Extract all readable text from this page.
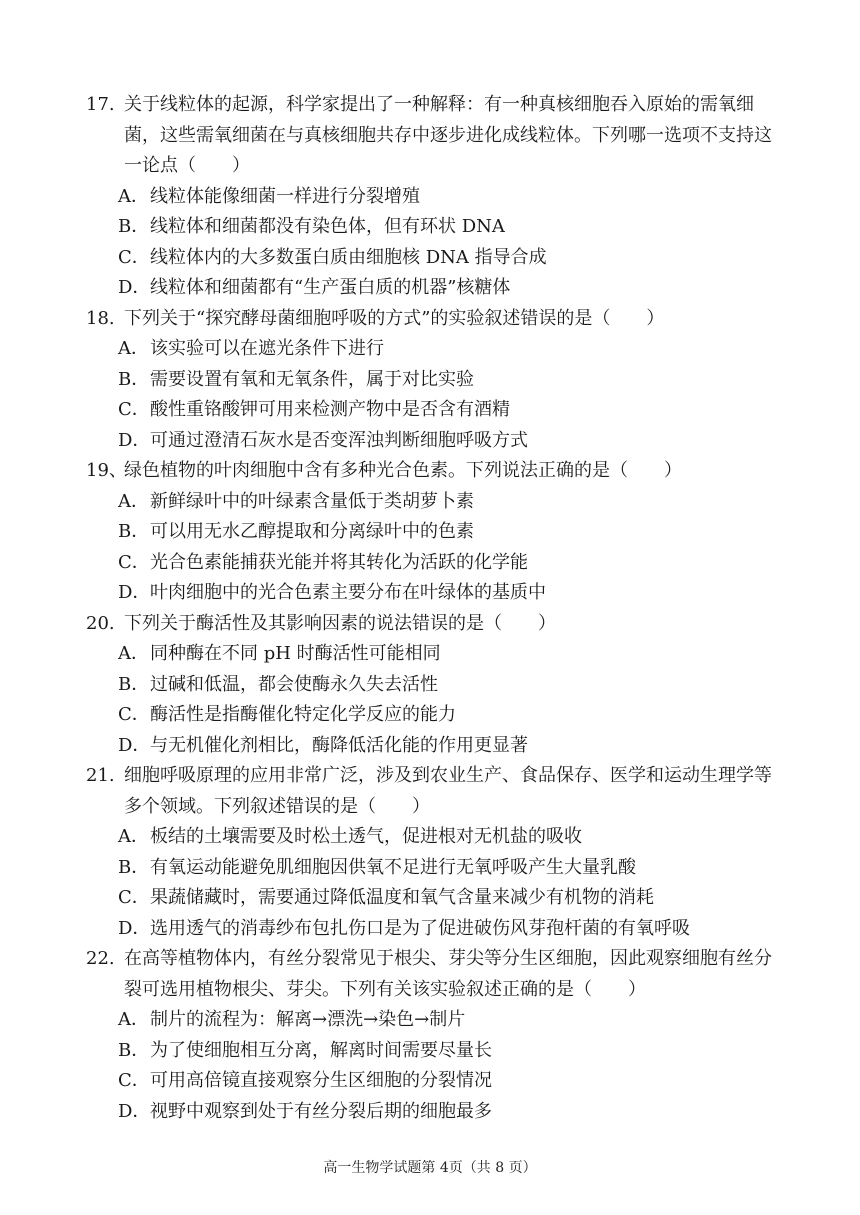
17. 关于线粒体的起源，科学家提出了一种解释：有一种真核细胞吞入原始的需氧细菌，这些需氧细菌在与真核细胞共存中逐步进化成线粒体。下列哪一选项不支持这一论点（　　）
A．线粒体能像细菌一样进行分裂增殖
B．线粒体和细菌都没有染色体，但有环状 DNA
C．线粒体内的大多数蛋白质由细胞核 DNA 指导合成
D．线粒体和细菌都有“生产蛋白质的机器”核糖体
18. 下列关于“探究酵母菌细胞呼吸的方式”的实验叙述错误的是（　　）
A．该实验可以在遮光条件下进行
B．需要设置有氧和无氧条件，属于对比实验
C．酸性重铬酸钾可用来检测产物中是否含有酒精
D．可通过澄清石灰水是否变浑浊判断细胞呼吸方式
19、绿色植物的叶肉细胞中含有多种光合色素。下列说法正确的是（　　）
A．新鲜绿叶中的叶绿素含量低于类胡萝卜素
B．可以用无水乙醇提取和分离绿叶中的色素
C．光合色素能捕获光能并将其转化为活跃的化学能
D．叶肉细胞中的光合色素主要分布在叶绿体的基质中
20. 下列关于酶活性及其影响因素的说法错误的是（　　）
A．同种酶在不同 pH 时酶活性可能相同
B．过碱和低温，都会使酶永久失去活性
C．酶活性是指酶催化特定化学反应的能力
D．与无机催化剂相比，酶降低活化能的作用更显著
21. 细胞呼吸原理的应用非常广泛，涉及到农业生产、食品保存、医学和运动生理学等多个领域。下列叙述错误的是（　　）
A．板结的土壤需要及时松土透气，促进根对无机盐的吸收
B．有氧运动能避免肌细胞因供氧不足进行无氧呼吸产生大量乳酸
C．果蔬储藏时，需要通过降低温度和氧气含量来减少有机物的消耗
D．选用透气的消毒纱布包扎伤口是为了促进破伤风芽孢杆菌的有氧呼吸
22. 在高等植物体内，有丝分裂常见于根尖、芽尖等分生区细胞，因此观察细胞有丝分裂可选用植物根尖、芽尖。下列有关该实验叙述正确的是（　　）
A．制片的流程为：解离→漂洗→染色→制片
B．为了使细胞相互分离，解离时间需要尽量长
C．可用高倍镜直接观察分生区细胞的分裂情况
D．视野中观察到处于有丝分裂后期的细胞最多
高一生物学试题第 4页（共 8 页）
